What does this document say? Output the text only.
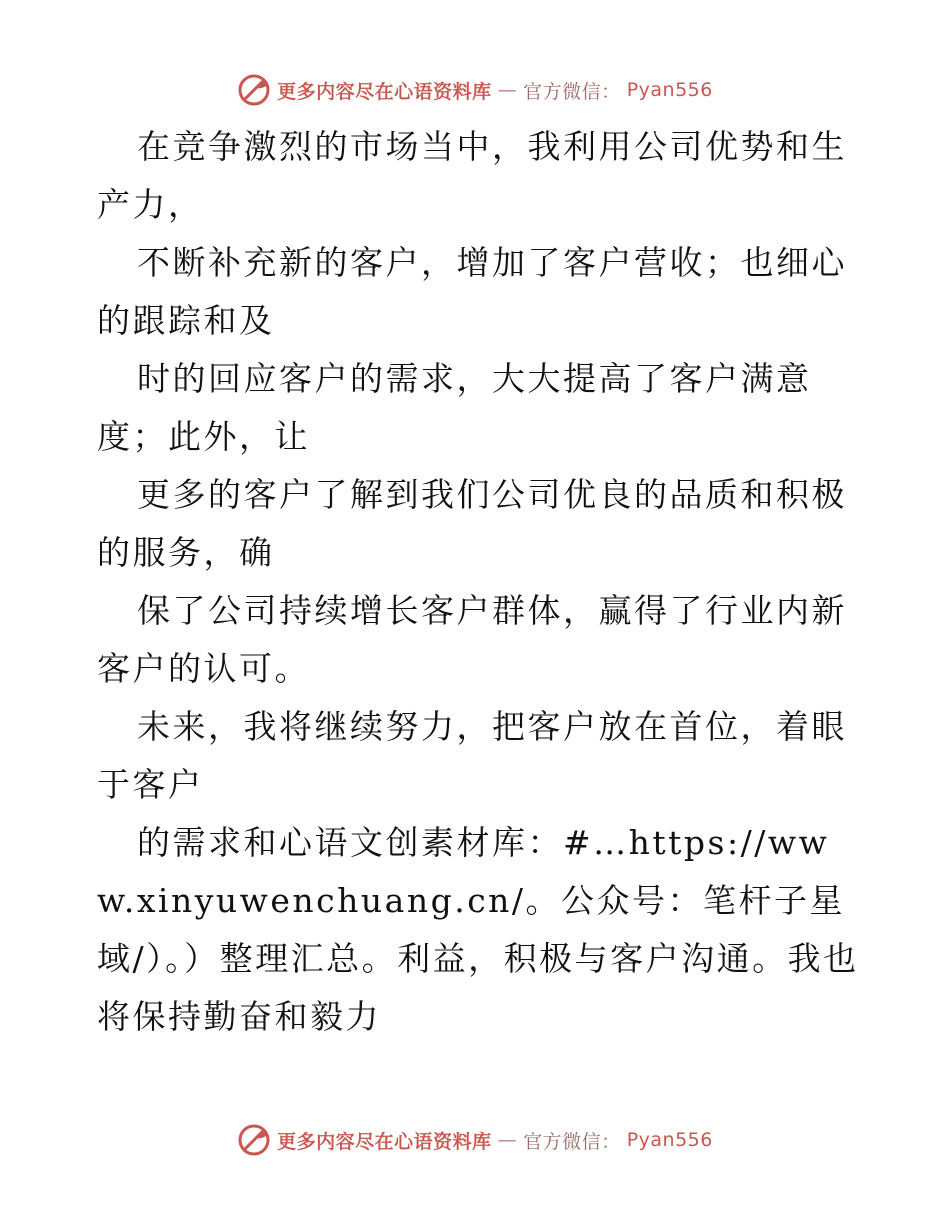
更多内容尽在心语资料库 — 官方微信： Pyan556

在竞争激烈的市场当中，我利用公司优势和生产力，

不断补充新的客户，增加了客户营收；也细心的跟踪和及

时的回应客户的需求，大大提高了客户满意度；此外，让

更多的客户了解到我们公司优良的品质和积极的服务，确

保了公司持续增长客户群体，赢得了行业内新客户的认可。

未来，我将继续努力，把客户放在首位，着眼于客户

的需求和心语文创素材库：#…https://www.xinyuwenchuang.cn/。公众号：笔杆子星域/）。）整理汇总。利益，积极与客户沟通。我也将保持勤奋和毅力

更多内容尽在心语资料库 — 官方微信： Pyan556
